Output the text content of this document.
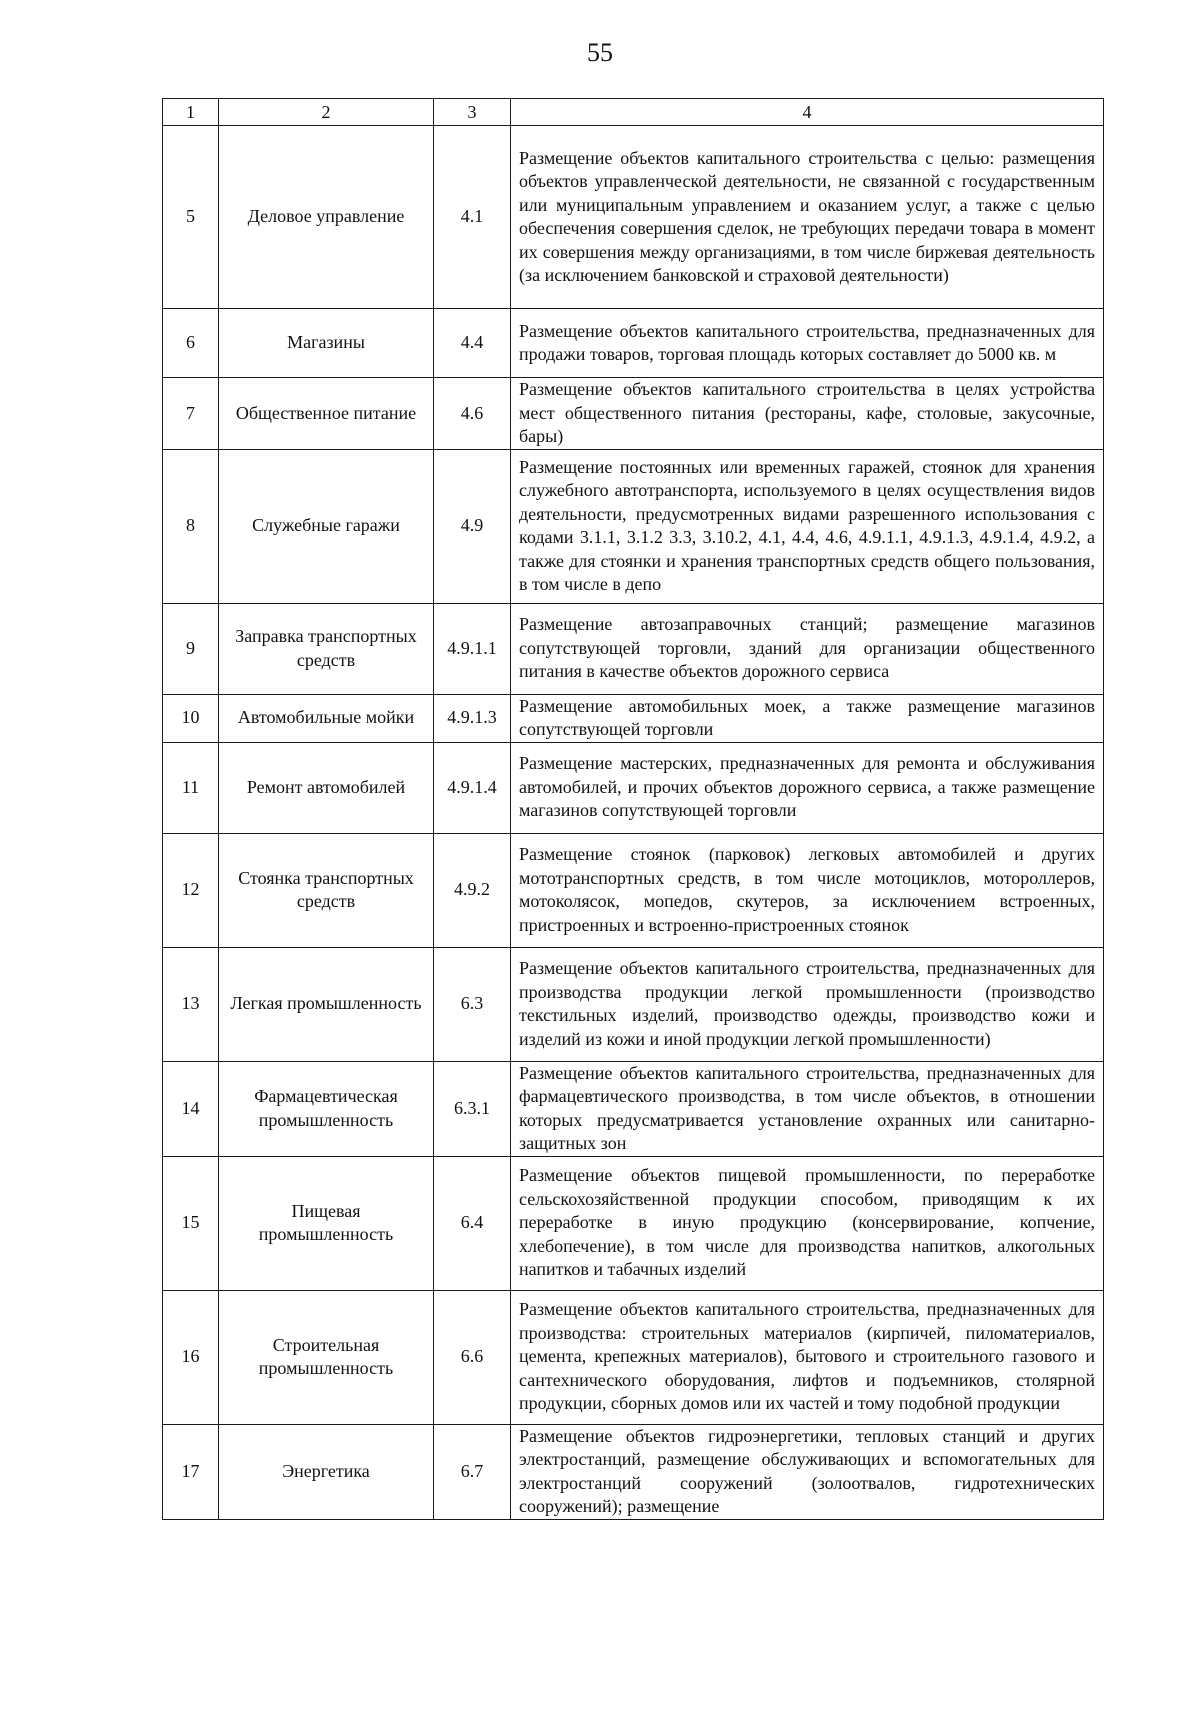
55
1	2	3	4
5	Деловое управление	4.1	Размещение объектов капитального строительства с целью: размещения объектов управленческой деятельности, не связанной с государственным или муниципальным управлением и оказанием услуг, а также с целью обеспечения совершения сделок, не требующих передачи товара в момент их совершения между организациями, в том числе биржевая деятельность (за исключением банковской и страховой деятельности)
6	Магазины	4.4	Размещение объектов капитального строительства, предназначенных для продажи товаров, торговая площадь которых составляет до 5000 кв. м
7	Общественное питание	4.6	Размещение объектов капитального строительства в целях устройства мест общественного питания (рестораны, кафе, столовые, закусочные, бары)
8	Служебные гаражи	4.9	Размещение постоянных или временных гаражей, стоянок для хранения служебного автотранспорта, используемого в целях осуществления видов деятельности, предусмотренных видами разрешенного использования с кодами 3.1.1, 3.1.2 3.3, 3.10.2, 4.1, 4.4, 4.6, 4.9.1.1, 4.9.1.3, 4.9.1.4, 4.9.2, а также для стоянки и хранения транспортных средств общего пользования, в том числе в депо
9	Заправка транспортных средств	4.9.1.1	Размещение автозаправочных станций; размещение магазинов сопутствующей торговли, зданий для организации общественного питания в качестве объектов дорожного сервиса
10	Автомобильные мойки	4.9.1.3	Размещение автомобильных моек, а также размещение магазинов сопутствующей торговли
11	Ремонт автомобилей	4.9.1.4	Размещение мастерских, предназначенных для ремонта и обслуживания автомобилей, и прочих объектов дорожного сервиса, а также размещение магазинов сопутствующей торговли
12	Стоянка транспортных средств	4.9.2	Размещение стоянок (парковок) легковых автомобилей и других мототранспортных средств, в том числе мотоциклов, мотороллеров, мотоколясок, мопедов, скутеров, за исключением встроенных, пристроенных и встроенно-пристроенных стоянок
13	Легкая промышленность	6.3	Размещение объектов капитального строительства, предназначенных для производства продукции легкой промышленности (производство текстильных изделий, производство одежды, производство кожи и изделий из кожи и иной продукции легкой промышленности)
14	Фармацевтическая промышленность	6.3.1	Размещение объектов капитального строительства, предназначенных для фармацевтического производства, в том числе объектов, в отношении которых предусматривается установление охранных или санитарно-защитных зон
15	Пищевая промышленность	6.4	Размещение объектов пищевой промышленности, по переработке сельскохозяйственной продукции способом, приводящим к их переработке в иную продукцию (консервирование, копчение, хлебопечение), в том числе для производства напитков, алкогольных напитков и табачных изделий
16	Строительная промышленность	6.6	Размещение объектов капитального строительства, предназначенных для производства: строительных материалов (кирпичей, пиломатериалов, цемента, крепежных материалов), бытового и строительного газового и сантехнического оборудования, лифтов и подъемников, столярной продукции, сборных домов или их частей и тому подобной продукции
17	Энергетика	6.7	Размещение объектов гидроэнергетики, тепловых станций и других электростанций, размещение обслуживающих и вспомогательных для электростанций сооружений (золоотвалов, гидротехнических сооружений); размещение
